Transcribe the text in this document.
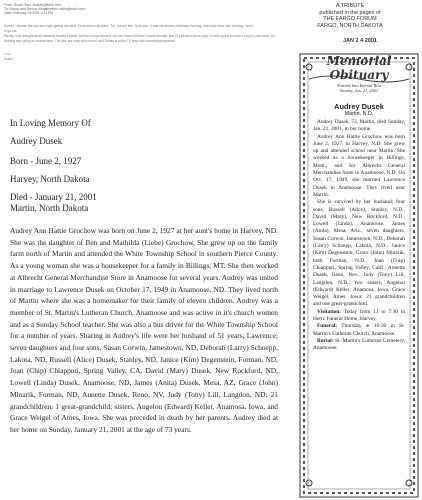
From: Susan Setz <susan@fbhtc.net>
To: Nancy and Dennis Klingelheber <dklin@mail.com>
Date: February 08 2001 4:11 PM
Dennis - sounds like you are really getting the wind. It has been cold there. Too. but are fine. I just was. It was lots looked yesterday morning, and early some this morning. I tried
to go out.
Wendy I had thought about meaning Audrey's father, but then forgot about it. Let me know if it doesn't come through, and I'll just send you a copy. I'm also going to send a copy to your Mom. It's
Nothing very going on around here. The kids are busy with school, and Tomas is at the TV busy with something important.
Love,
Susan
In Loving Memory Of
Audrey Dusek
Born - June 2, 1927
Harvey, North Dakota
Died - January 21, 2001
Martin, North Dakota

Audrey Ann Hattie Grochow was born on June 2, 1927 at her aunt's home in Harvey, ND. She was the daughter of Ben and Mathilda (Liebe) Grochow. She grew up on the family farm north of Martin and attended the White Township School in southern Pierce County. As a young woman she was a housekeeper for a family in Billings, MT. She then worked at Albrecht General Merchandise Store in Anamoose for several years. Audrey was united in marriage to Lawrence Dusek on October 17, 1949 in Anamoose, ND. They lived north of Martin where she was a homemaker for their family of eleven children. Audrey was a member of St. Martin's Lutheran Church, Anamoose and was active in it's church women and as a Sunday School teacher. She was also a bus driver for the White Township School for a number of years. Sharing in Audrey's life were her husband of 51 years, Lawrence; seven daughters and four sons, Susan Corwin, Jamestown, ND, Deborah (Larry) Schoepp, Lakota, ND, Russell (Alice) Dusek, Stanley, ND, Janice (Kim) Degenstein, Forman, ND, Joan (Chip) Chiapputi, Spring Valley, CA, David (Mary) Dusek, New Rockford, ND, Lowell (Linda) Dusek, Anamoose, ND, James (Anita) Dusek, Mesa, AZ, Grace (John) Mlnarik, Forman, ND, Annette Dusek, Reno, NV, Judy (Tony) Lill, Langdon, ND; 21 grandchildren; 1 great-grandchild; sisters, Angelou (Edward) Keller, Anamosa, Iowa, and Grace Weigel of Ames, Iowa. She was preceded in death by her parents. Audrey died at her home on Sunday, January 21, 2001 at the age of 73 years.

A TRIBUTE
published in the pages of
THE FARGO FORUM
FARGO, NORTH DAKOTA
JAN 2 4 2001
Memorial Obituary
Entered Into Eternal Rest
Sunday, Jan. 21, 2001
Audrey Dusek
Martin, N.D.

Audrey Dusek, 73, Martin, died Sunday, Jan. 21, 2001, in her home.

Audrey Ann Hattie Grochow was born June 2, 1927, in Harvey, N.D. She grew up and attended school near Martin. She worked as a housekeeper in Billings, Mont., and for Albrecht General Merchandise Store in Anamoose, N.D. On Oct. 17, 1949, she married Lawrence Dusek in Anamoose. They lived near Martin.

She is survived by her husband; four sons, Russell (Alice), Stanley, N.D., David (Mary), New Rockford, N.D., Lowell (Linda), Anamoose, James (Anita), Mesa, Ariz.; seven daughters, Susan Corwin, Jamestown, N.D., Deborah (Larry) Schoepp, Lakota, N.D., Janice (Kim) Degenstein, Grace (John) Mlnarik, both Forman, N.D., Joan (Chip) Chiappuri, Spring Valley, Calif., Annette Dusek, Reno, Nev., Judy (Tony) Lill, Langdon, N.D.; two sisters, Angelou (Edward) Keller, Anamosa, Iowa, Grace Weigel, Ames, Iowa; 21 grandchildren and one great-grandchild.

Visitation: Today from 11 to 7:30 in Hertz Funeral Home, Harvey.

Funeral: Thursday at 10:30 in St. Martin's Lutheran Church, Anamoose.

Burial: St. Martin's Lutheran Cemetery, Anamoose.
